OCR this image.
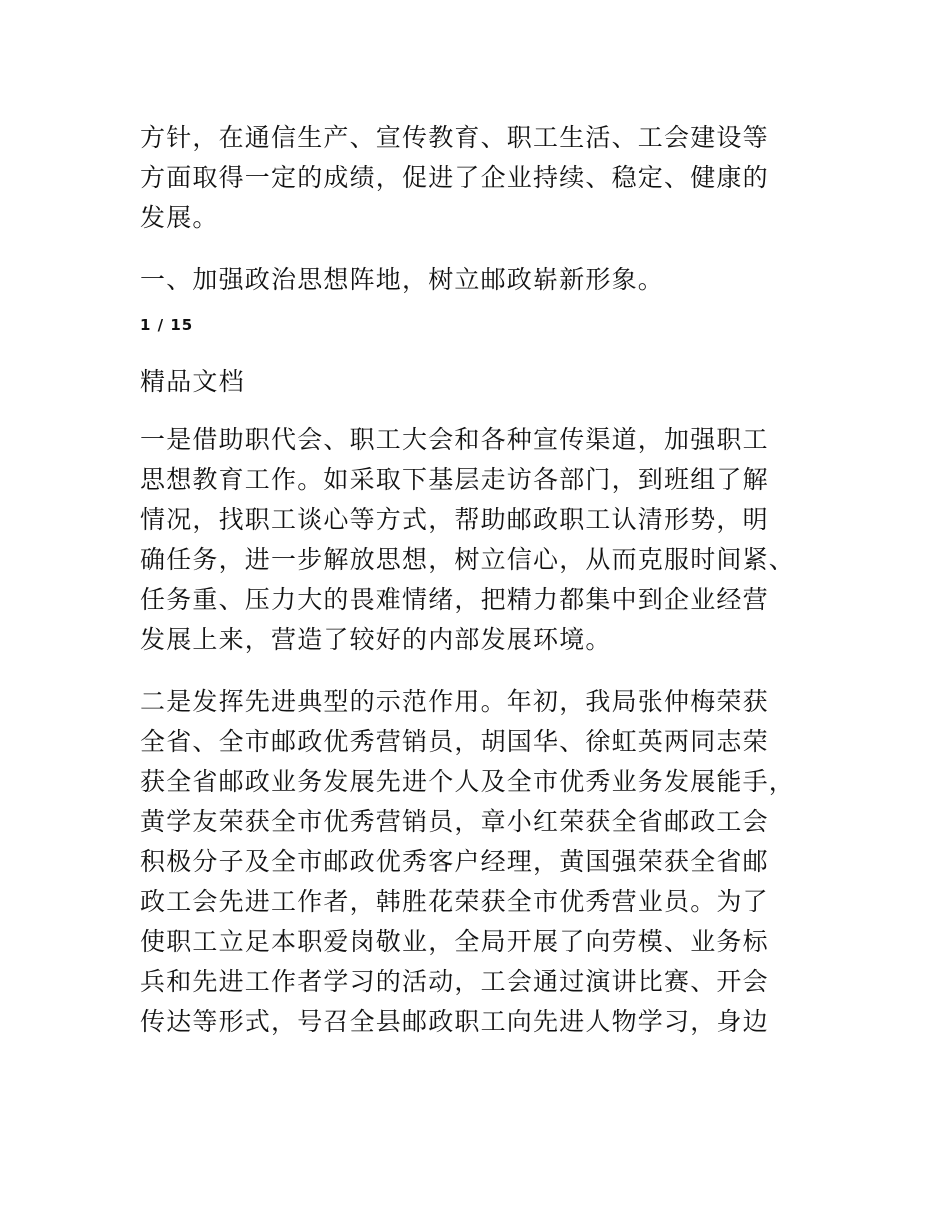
方针，在通信生产、宣传教育、职工生活、工会建设等
方面取得一定的成绩，促进了企业持续、稳定、健康的
发展。
一、加强政治思想阵地，树立邮政崭新形象。
1 / 15
精品文档
一是借助职代会、职工大会和各种宣传渠道，加强职工
思想教育工作。如采取下基层走访各部门，到班组了解
情况，找职工谈心等方式，帮助邮政职工认清形势，明
确任务，进一步解放思想，树立信心，从而克服时间紧、
任务重、压力大的畏难情绪，把精力都集中到企业经营
发展上来，营造了较好的内部发展环境。
二是发挥先进典型的示范作用。年初，我局张仲梅荣获
全省、全市邮政优秀营销员，胡国华、徐虹英两同志荣
获全省邮政业务发展先进个人及全市优秀业务发展能手，
黄学友荣获全市优秀营销员，章小红荣获全省邮政工会
积极分子及全市邮政优秀客户经理，黄国强荣获全省邮
政工会先进工作者，韩胜花荣获全市优秀营业员。为了
使职工立足本职爱岗敬业，全局开展了向劳模、业务标
兵和先进工作者学习的活动，工会通过演讲比赛、开会
传达等形式，号召全县邮政职工向先进人物学习，身边
